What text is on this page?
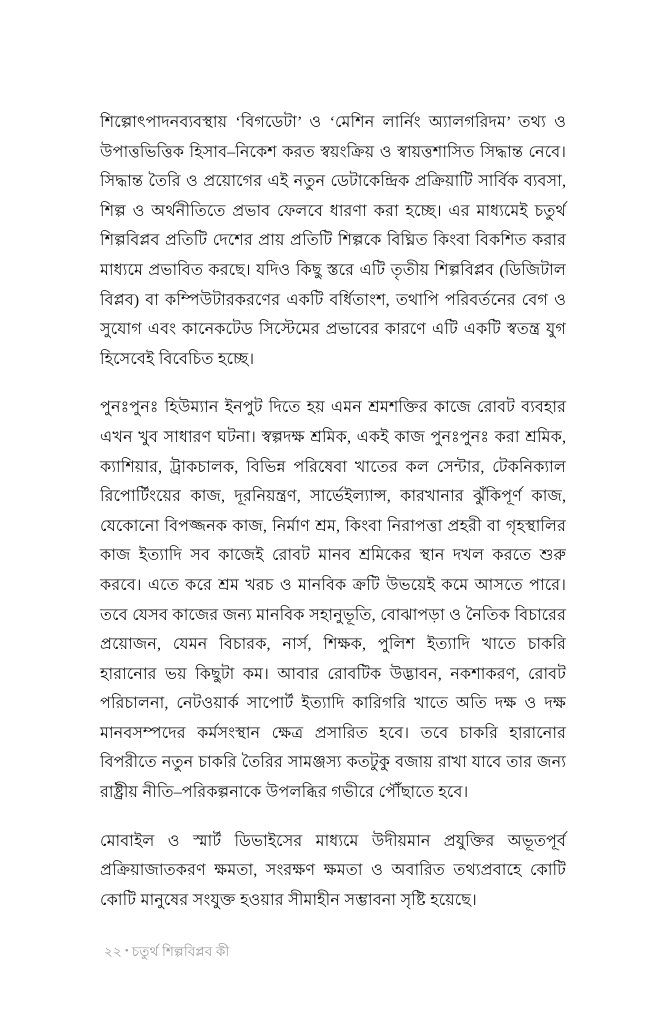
শিল্পোৎপাদনব্যবস্থায় ‘বিগডেটা’ ও ‘মেশিন লার্নিং অ্যালগরিদম’ তথ্য ও উপাত্তভিত্তিক হিসাব–নিকেশ করত স্বয়ংক্রিয় ও স্বায়ত্তশাসিত সিদ্ধান্ত নেবে। সিদ্ধান্ত তৈরি ও প্রয়োগের এই নতুন ডেটাকেন্দ্রিক প্রক্রিয়াটি সার্বিক ব্যবসা, শিল্প ও অর্থনীতিতে প্রভাব ফেলবে ধারণা করা হচ্ছে। এর মাধ্যমেই চতুর্থ শিল্পবিপ্লব প্রতিটি দেশের প্রায় প্রতিটি শিল্পকে বিঘ্নিত কিংবা বিকশিত করার মাধ্যমে প্রভাবিত করছে। যদিও কিছু স্তরে এটি তৃতীয় শিল্পবিপ্লব (ডিজিটাল বিপ্লব) বা কম্পিউটারকরণের একটি বর্ধিতাংশ, তথাপি পরিবর্তনের বেগ ও সুযোগ এবং কানেকটেড সিস্টেমের প্রভাবের কারণে এটি একটি স্বতন্ত্র যুগ হিসেবেই বিবেচিত হচ্ছে।

পুনঃপুনঃ হিউম্যান ইনপুট দিতে হয় এমন শ্রমশক্তির কাজে রোবট ব্যবহার এখন খুব সাধারণ ঘটনা। স্বল্পদক্ষ শ্রমিক, একই কাজ পুনঃপুনঃ করা শ্রমিক, ক্যাশিয়ার, ট্রাকচালক, বিভিন্ন পরিষেবা খাতের কল সেন্টার, টেকনিক্যাল রিপোর্টিংয়ের কাজ, দূরনিয়ন্ত্রণ, সার্ভেইল্যান্স, কারখানার ঝুঁকিপূর্ণ কাজ, যেকোনো বিপজ্জনক কাজ, নির্মাণ শ্রম, কিংবা নিরাপত্তা প্রহরী বা গৃহস্থালির কাজ ইত্যাদি সব কাজেই রোবট মানব শ্রমিকের স্থান দখল করতে শুরু করবে। এতে করে শ্রম খরচ ও মানবিক ক্রটি উভয়েই কমে আসতে পারে। তবে যেসব কাজের জন্য মানবিক সহানুভূতি, বোঝাপড়া ও নৈতিক বিচারের প্রয়োজন, যেমন বিচারক, নার্স, শিক্ষক, পুলিশ ইত্যাদি খাতে চাকরি হারানোর ভয় কিছুটা কম। আবার রোবটিক উদ্ভাবন, নকশাকরণ, রোবট পরিচালনা, নেটওয়ার্ক সাপোর্ট ইত্যাদি কারিগরি খাতে অতি দক্ষ ও দক্ষ মানবসম্পদের কর্মসংস্থান ক্ষেত্র প্রসারিত হবে। তবে চাকরি হারানোর বিপরীতে নতুন চাকরি তৈরির সামঞ্জস্য কতটুকু বজায় রাখা যাবে তার জন্য রাষ্ট্রীয় নীতি–পরিকল্পনাকে উপলব্ধির গভীরে পৌঁছাতে হবে।

মোবাইল ও স্মার্ট ডিভাইসের মাধ্যমে উদীয়মান প্রযুক্তির অভূতপূর্ব প্রক্রিয়াজাতকরণ ক্ষমতা, সংরক্ষণ ক্ষমতা ও অবারিত তথ্যপ্রবাহে কোটি কোটি মানুষের সংযুক্ত হওয়ার সীমাহীন সম্ভাবনা সৃষ্টি হয়েছে।

২২ • চতুর্থ শিল্পবিপ্লব কী
